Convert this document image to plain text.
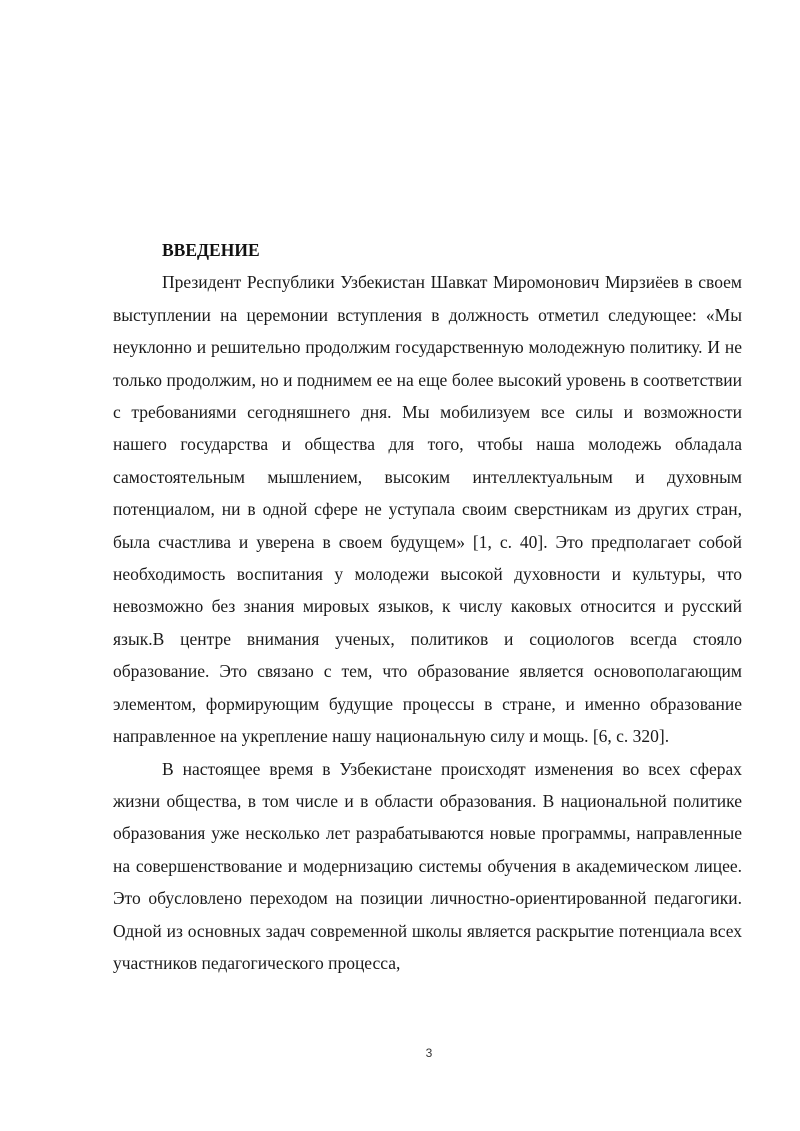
ВВЕДЕНИЕ

Президент Республики Узбекистан Шавкат Миромонович Мирзиёев в своем выступлении на церемонии вступления в должность отметил следующее: «Мы неуклонно и решительно продолжим государственную молодежную политику. И не только продолжим, но и поднимем ее на еще более высокий уровень в соответствии с требованиями сегодняшнего дня. Мы мобилизуем все силы и возможности нашего государства и общества для того, чтобы наша молодежь обладала самостоятельным мышлением, высоким интеллектуальным и духовным потенциалом, ни в одной сфере не уступала своим сверстникам из других стран, была счастлива и уверена в своем будущем» [1, с. 40]. Это предполагает собой необходимость воспитания у молодежи высокой духовности и культуры, что невозможно без знания мировых языков, к числу каковых относится и русский язык.В центре внимания ученых, политиков и социологов всегда стояло образование. Это связано с тем, что образование является основополагающим элементом, формирующим будущие процессы в стране, и именно образование направленное на укрепление нашу национальную силу и мощь. [6, с. 320].

В настоящее время в Узбекистане происходят изменения во всех сферах жизни общества, в том числе и в области образования. В национальной политике образования уже несколько лет разрабатываются новые программы, направленные на совершенствование и модернизацию системы обучения в академическом лицее. Это обусловлено переходом на позиции личностно-ориентированной педагогики. Одной из основных задач современной школы является раскрытие потенциала всех участников педагогического процесса,

3
